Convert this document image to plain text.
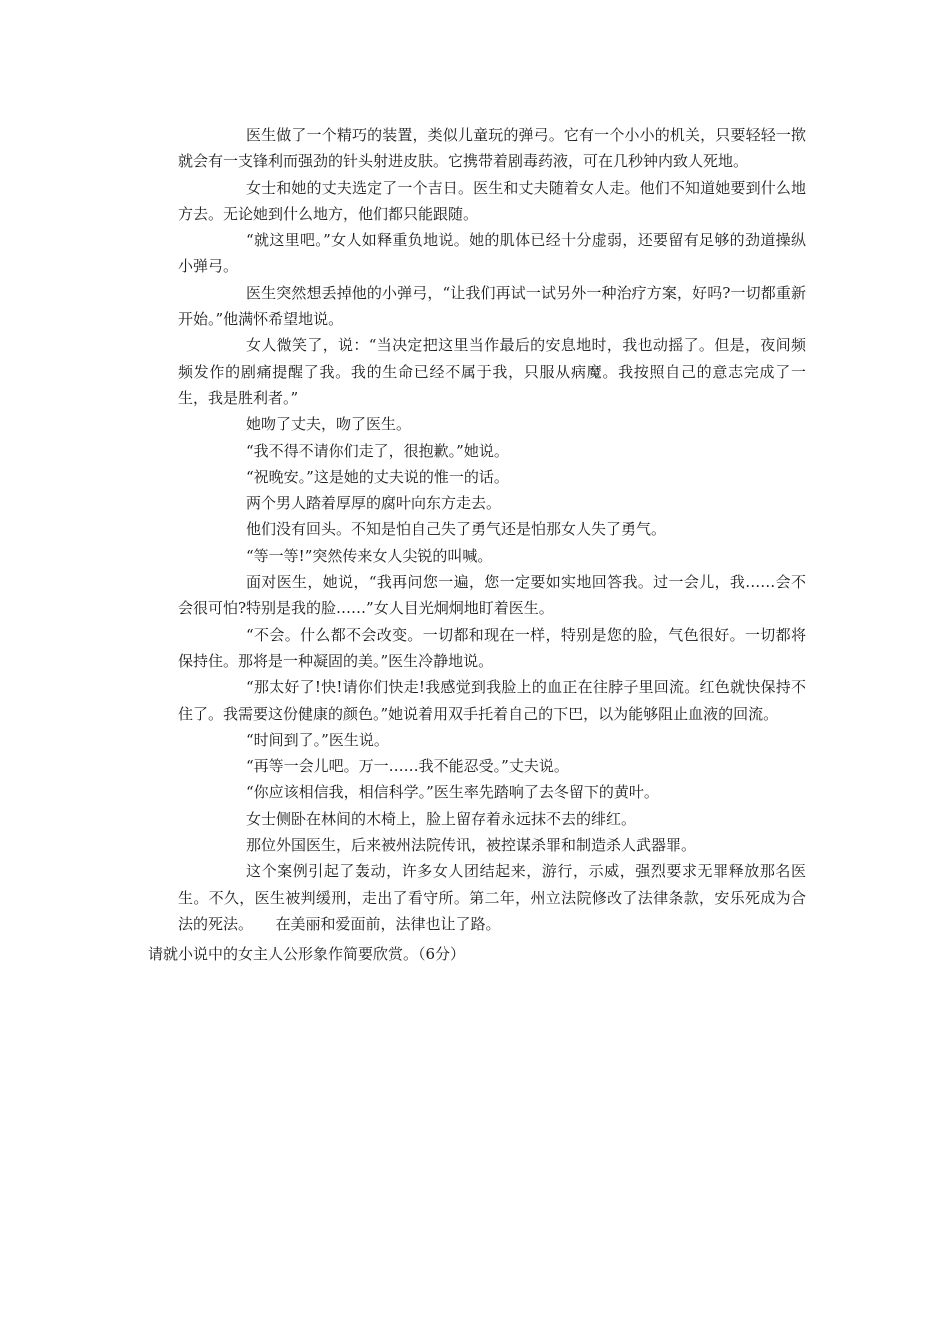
医生做了一个精巧的装置，类似儿童玩的弹弓。它有一个小小的机关，只要轻轻一揿就会有一支锋利而强劲的针头射进皮肤。它携带着剧毒药液，可在几秒钟内致人死地。

女士和她的丈夫选定了一个吉日。医生和丈夫随着女人走。他们不知道她要到什么地方去。无论她到什么地方，他们都只能跟随。

“就这里吧。”女人如释重负地说。她的肌体已经十分虚弱，还要留有足够的劲道操纵小弹弓。

医生突然想丢掉他的小弹弓，“让我们再试一试另外一种治疗方案，好吗?一切都重新开始。”他满怀希望地说。

女人微笑了，说：“当决定把这里当作最后的安息地时，我也动摇了。但是，夜间频频发作的剧痛提醒了我。我的生命已经不属于我，只服从病魔。我按照自己的意志完成了一生，我是胜利者。”

她吻了丈夫，吻了医生。

“我不得不请你们走了，很抱歉。”她说。

“祝晚安。”这是她的丈夫说的惟一的话。

两个男人踏着厚厚的腐叶向东方走去。

他们没有回头。不知是怕自己失了勇气还是怕那女人失了勇气。

“等一等!”突然传来女人尖锐的叫喊。

面对医生，她说，“我再问您一遍，您一定要如实地回答我。过一会儿，我……会不会很可怕?特别是我的脸……”女人目光炯炯地盯着医生。

“不会。什么都不会改变。一切都和现在一样，特别是您的脸，气色很好。一切都将保持住。那将是一种凝固的美。”医生冷静地说。

“那太好了!快!请你们快走!我感觉到我脸上的血正在往脖子里回流。红色就快保持不住了。我需要这份健康的颜色。”她说着用双手托着自己的下巴，以为能够阻止血液的回流。

“时间到了。”医生说。

“再等一会儿吧。万一……我不能忍受。”丈夫说。

“你应该相信我，相信科学。”医生率先踏响了去冬留下的黄叶。

女士侧卧在林间的木椅上，脸上留存着永远抹不去的绯红。

那位外国医生，后来被州法院传讯，被控谋杀罪和制造杀人武器罪。

这个案例引起了轰动，许多女人团结起来，游行，示威，强烈要求无罪释放那名医生。不久，医生被判缓刑，走出了看守所。第二年，州立法院修改了法律条款，安乐死成为合法的死法。　　在美丽和爱面前，法律也让了路。

请就小说中的女主人公形象作简要欣赏。（6分）
